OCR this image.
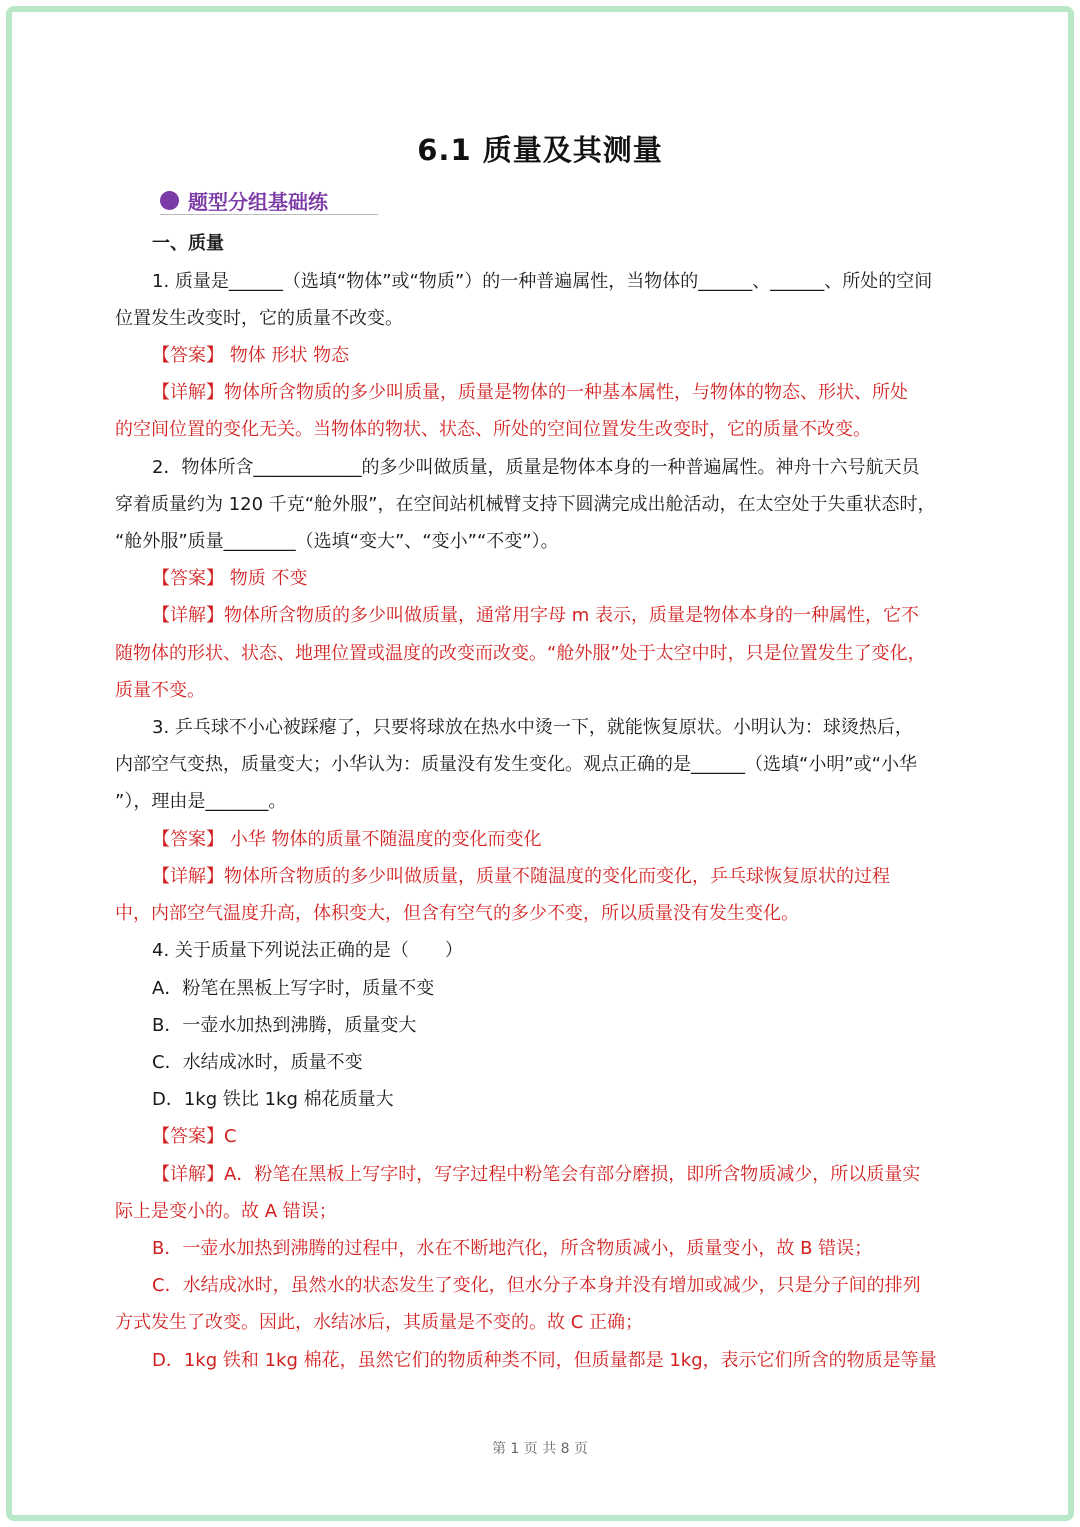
6.1 质量及其测量
题型分组基础练
一、质量
1. 质量是______（选填“物体”或“物质”）的一种普遍属性，当物体的______、______、所处的空间
位置发生改变时，它的质量不改变。
【答案】 物体 形状 物态
【详解】物体所含物质的多少叫质量，质量是物体的一种基本属性，与物体的物态、形状、所处
的空间位置的变化无关。当物体的物状、状态、所处的空间位置发生改变时，它的质量不改变。
2．物体所含____________的多少叫做质量，质量是物体本身的一种普遍属性。神舟十六号航天员
穿着质量约为 120 千克“舱外服”，在空间站机械臂支持下圆满完成出舱活动，在太空处于失重状态时，
“舱外服”质量________（选填“变大”、“变小”“不变”）。
【答案】 物质 不变
【详解】物体所含物质的多少叫做质量，通常用字母 m 表示，质量是物体本身的一种属性，它不
随物体的形状、状态、地理位置或温度的改变而改变。“舱外服”处于太空中时，只是位置发生了变化，
质量不变。
3. 乒乓球不小心被踩瘪了，只要将球放在热水中烫一下，就能恢复原状。小明认为：球烫热后，
内部空气变热，质量变大；小华认为：质量没有发生变化。观点正确的是______（选填“小明”或“小华
”），理由是_______。
【答案】 小华 物体的质量不随温度的变化而变化
【详解】物体所含物质的多少叫做质量，质量不随温度的变化而变化，乒乓球恢复原状的过程
中，内部空气温度升高，体积变大，但含有空气的多少不变，所以质量没有发生变化。
4. 关于质量下列说法正确的是（　　）
A．粉笔在黑板上写字时，质量不变
B．一壶水加热到沸腾，质量变大
C．水结成冰时，质量不变
D．1kg 铁比 1kg 棉花质量大
【答案】C
【详解】A．粉笔在黑板上写字时，写字过程中粉笔会有部分磨损，即所含物质减少，所以质量实
际上是变小的。故 A 错误；
B．一壶水加热到沸腾的过程中，水在不断地汽化，所含物质减小，质量变小，故 B 错误；
C．水结成冰时，虽然水的状态发生了变化，但水分子本身并没有增加或减少，只是分子间的排列
方式发生了改变。因此，水结冰后，其质量是不变的。故 C 正确；
D．1kg 铁和 1kg 棉花，虽然它们的物质种类不同，但质量都是 1kg，表示它们所含的物质是等量
第 1 页 共 8 页
